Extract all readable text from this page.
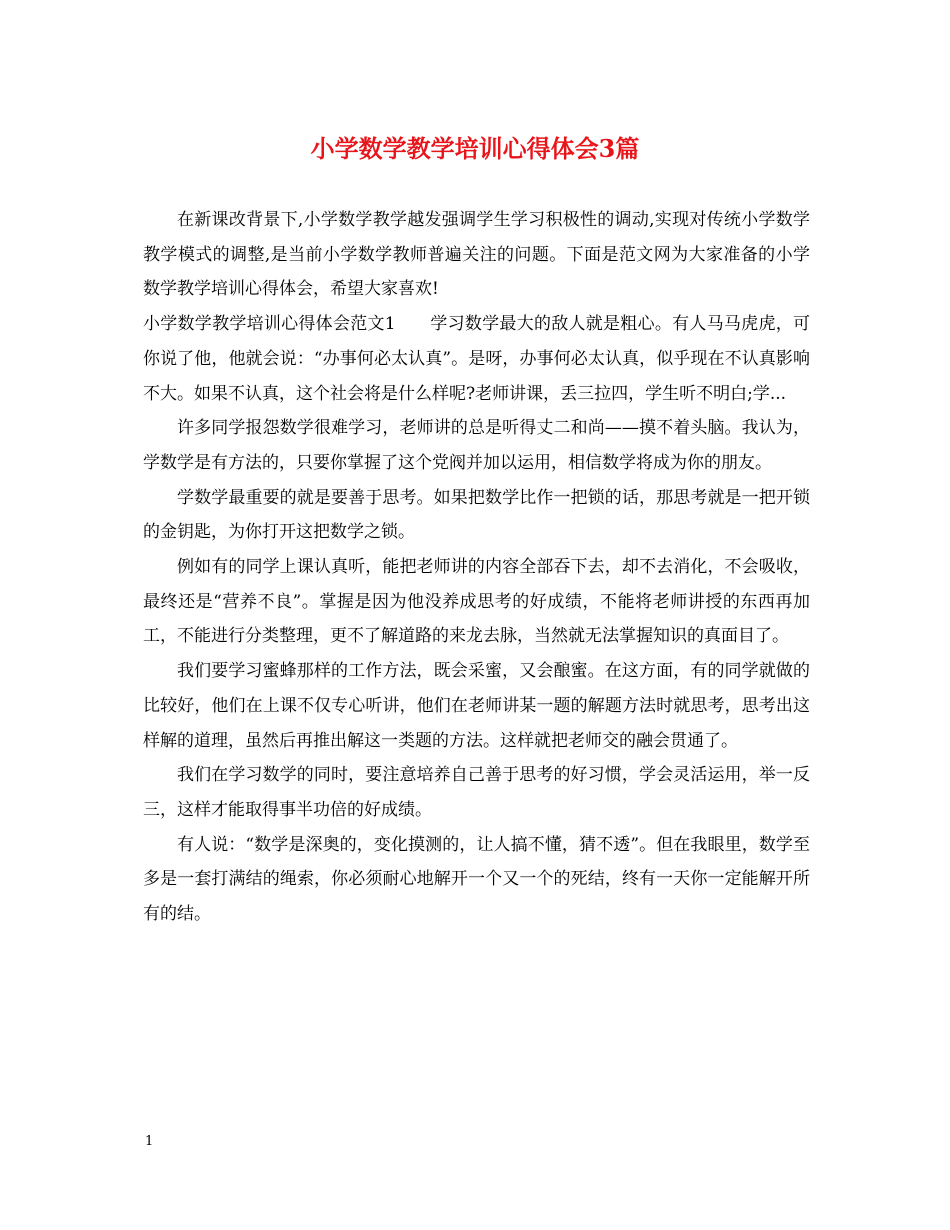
小学数学教学培训心得体会3篇

在新课改背景下,小学数学教学越发强调学生学习积极性的调动,实现对传统小学数学教学模式的调整,是当前小学数学教师普遍关注的问题。下面是范文网为大家准备的小学数学教学培训心得体会，希望大家喜欢!

小学数学教学培训心得体会范文1　　学习数学最大的敌人就是粗心。有人马马虎虎，可你说了他，他就会说：“办事何必太认真”。是呀，办事何必太认真，似乎现在不认真影响不大。如果不认真，这个社会将是什么样呢?老师讲课，丢三拉四，学生听不明白;学...

许多同学报怨数学很难学习，老师讲的总是听得丈二和尚——摸不着头脑。我认为，学数学是有方法的，只要你掌握了这个党阀并加以运用，相信数学将成为你的朋友。

学数学最重要的就是要善于思考。如果把数学比作一把锁的话，那思考就是一把开锁的金钥匙，为你打开这把数学之锁。

例如有的同学上课认真听，能把老师讲的内容全部吞下去，却不去消化，不会吸收，最终还是“营养不良”。掌握是因为他没养成思考的好成绩，不能将老师讲授的东西再加工，不能进行分类整理，更不了解道路的来龙去脉，当然就无法掌握知识的真面目了。

我们要学习蜜蜂那样的工作方法，既会采蜜，又会酿蜜。在这方面，有的同学就做的比较好，他们在上课不仅专心听讲，他们在老师讲某一题的解题方法时就思考，思考出这样解的道理，虽然后再推出解这一类题的方法。这样就把老师交的融会贯通了。

我们在学习数学的同时，要注意培养自己善于思考的好习惯，学会灵活运用，举一反三，这样才能取得事半功倍的好成绩。

有人说：“数学是深奥的，变化摸测的，让人搞不懂，猜不透”。但在我眼里，数学至多是一套打满结的绳索，你必须耐心地解开一个又一个的死结，终有一天你一定能解开所有的结。

1
